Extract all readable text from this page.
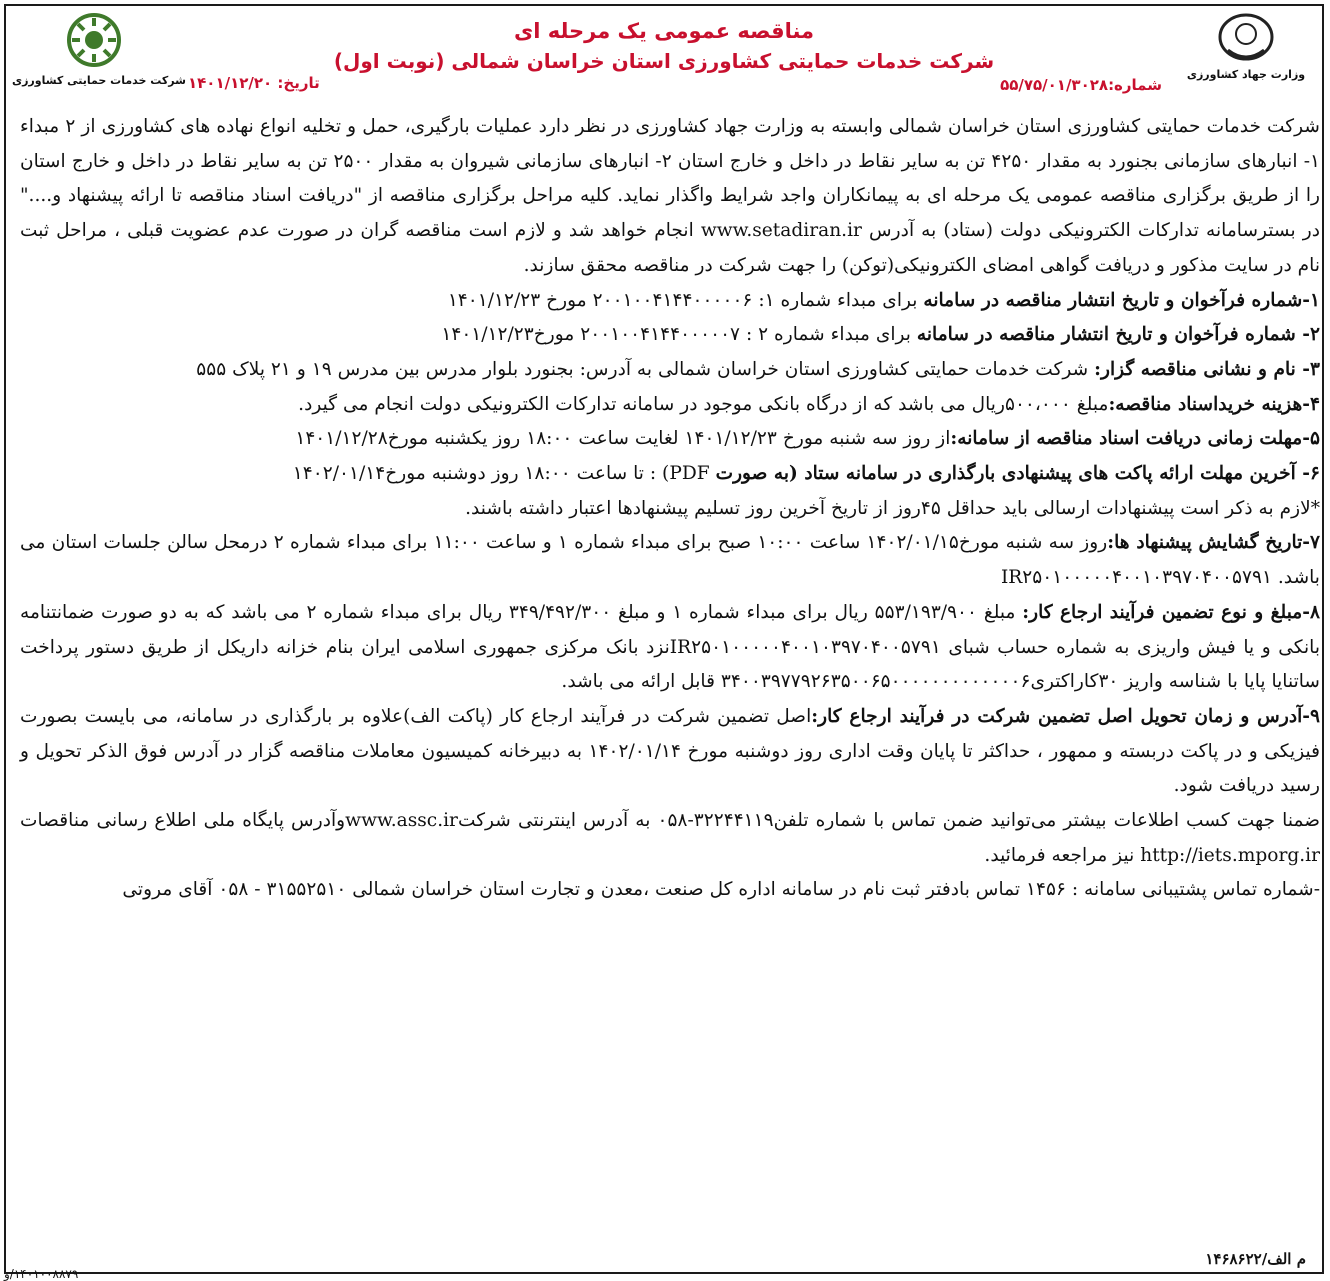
وزارت جهاد کشاورزی
مناقصه عمومی یک مرحله ای
شرکت خدمات حمایتی کشاورزی استان خراسان شمالی (نوبت اول)
شماره:۵۵/۷۵/۰۱/۳۰۲۸
تاریخ: ۱۴۰۱/۱۲/۲۰
شرکت خدمات حمایتی کشاورزی

شرکت خدمات حمایتی کشاورزی استان خراسان شمالی وابسته به وزارت جهاد کشاورزی در نظر دارد عملیات بارگیری، حمل و تخلیه انواع نهاده های کشاورزی از ۲ مبداء ۱- انبارهای سازمانی بجنورد به مقدار ۴۲۵۰ تن به سایر نقاط در داخل و خارج استان ۲- انبارهای سازمانی شیروان به مقدار ۲۵۰۰ تن به سایر نقاط در داخل و خارج استان را از طریق برگزاری مناقصه عمومی یک مرحله ای به پیمانکاران واجد شرایط واگذار نماید. کلیه مراحل برگزاری مناقصه از "دریافت اسناد مناقصه تا ارائه پیشنهاد و...." در بسترسامانه تدارکات الکترونیکی دولت (ستاد) به آدرس www.setadiran.ir انجام خواهد شد و لازم است مناقصه گران در صورت عدم عضویت قبلی ، مراحل ثبت نام در سایت مذکور و دریافت گواهی امضای الکترونیکی(توکن) را جهت شرکت در مناقصه محقق سازند.

۱-شماره فرآخوان و تاریخ انتشار مناقصه در سامانه برای مبداء شماره ۱: ۲۰۰۱۰۰۴۱۴۴۰۰۰۰۰۶ مورخ ۱۴۰۱/۱۲/۲۳

۲- شماره فرآخوان و تاریخ انتشار مناقصه در سامانه برای مبداء شماره ۲ : ۲۰۰۱۰۰۴۱۴۴۰۰۰۰۰۷ مورخ۱۴۰۱/۱۲/۲۳

۳- نام و نشانی مناقصه گزار: شرکت خدمات حمایتی کشاورزی استان خراسان شمالی به آدرس: بجنورد بلوار مدرس بین مدرس ۱۹ و ۲۱ پلاک ۵۵۵

۴-هزینه خریداسناد مناقصه:مبلغ ۵۰۰،۰۰۰ریال می باشد که از درگاه بانکی موجود در سامانه تدارکات الکترونیکی دولت انجام می گیرد.

۵-مهلت زمانی دریافت اسناد مناقصه از سامانه:از روز سه شنبه مورخ ۱۴۰۱/۱۲/۲۳ لغایت ساعت ۱۸:۰۰ روز یکشنبه مورخ۱۴۰۱/۱۲/۲۸

۶- آخرین مهلت ارائه پاکت های پیشنهادی بارگذاری در سامانه ستاد (به صورت PDF) : تا ساعت ۱۸:۰۰ روز دوشنبه مورخ۱۴۰۲/۰۱/۱۴

*لازم به ذکر است پیشنهادات ارسالی باید حداقل ۴۵روز از تاریخ آخرین روز تسلیم پیشنهادها اعتبار داشته باشند.

۷-تاریخ گشایش پیشنهاد ها:روز سه شنبه مورخ۱۴۰۲/۰۱/۱۵ ساعت ۱۰:۰۰ صبح برای مبداء شماره ۱ و ساعت ۱۱:۰۰ برای مبداء شماره ۲ درمحل سالن جلسات استان می باشد. IR۲۵۰۱۰۰۰۰۰۴۰۰۱۰۳۹۷۰۴۰۰۵۷۹۱

۸-مبلغ و نوع تضمین فرآیند ارجاع کار: مبلغ ۵۵۳/۱۹۳/۹۰۰ ریال برای مبداء شماره ۱ و مبلغ ۳۴۹/۴۹۲/۳۰۰ ریال برای مبداء شماره ۲ می باشد که به دو صورت ضمانتنامه بانکی و یا فیش واریزی به شماره حساب شبای IR۲۵۰۱۰۰۰۰۰۴۰۰۱۰۳۹۷۰۴۰۰۵۷۹۱نزد بانک مرکزی جمهوری اسلامی ایران بنام خزانه داریکل از طریق دستور پرداخت ساتنایا پایا با شناسه واریز ۳۰کاراکتری۳۴۰۰۳۹۷۷۹۲۶۳۵۰۰۶۵۰۰۰۰۰۰۰۰۰۰۰۰۰۶ قابل ارائه می باشد.

۹-آدرس و زمان تحویل اصل تضمین شرکت در فرآیند ارجاع کار:اصل تضمین شرکت در فرآیند ارجاع کار (پاکت الف)علاوه بر بارگذاری در سامانه، می بایست بصورت فیزیکی و در پاکت دربسته و ممهور ، حداکثر تا پایان وقت اداری روز دوشنبه مورخ ۱۴۰۲/۰۱/۱۴ به دبیرخانه کمیسیون معاملات مناقصه گزار در آدرس فوق الذکر تحویل و رسید دریافت شود.

ضمنا جهت کسب اطلاعات بیشتر می‌توانید ضمن تماس با شماره تلفن۳۲۲۴۴۱۱۹-۰۵۸ به آدرس اینترنتی شرکتwww.assc.irوآدرس پایگاه ملی اطلاع رسانی مناقصات http://iets.mporg.ir نیز مراجعه فرمائید.

-شماره تماس پشتیبانی سامانه : ۱۴۵۶ تماس بادفتر ثبت نام در سامانه اداره کل صنعت ،معدن و تجارت استان خراسان شمالی ۳۱۵۵۲۵۱۰ - ۰۵۸ آقای مروتی

م الف/۱۴۶۸۶۲۲
۱۴۰۱۰۰۸۸۷۹/و
